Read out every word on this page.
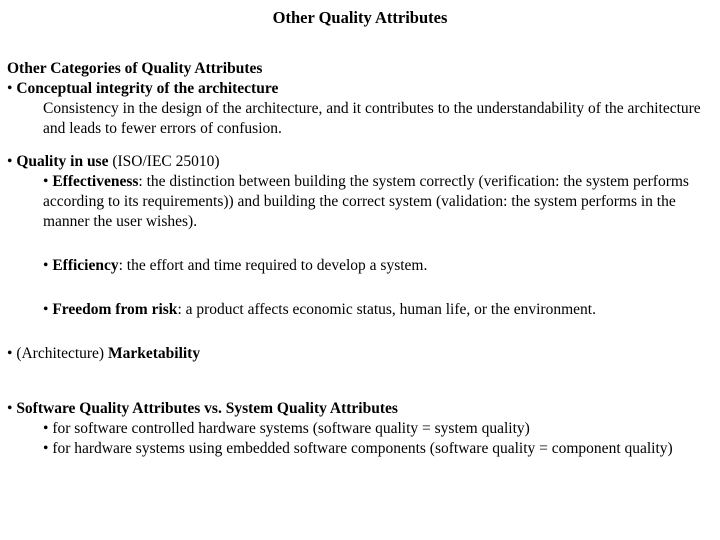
Other Quality Attributes

Other Categories of Quality Attributes

• Conceptual integrity of the architecture

Consistency in the design of the architecture, and it contributes to the understandability of the architecture and leads to fewer errors of confusion.

• Quality in use (ISO/IEC 25010)

• Effectiveness: the distinction between building the system correctly (verification: the system performs according to its requirements)) and building the correct system (validation: the system performs in the manner the user wishes).

• Efficiency: the effort and time required to develop a system.

• Freedom from risk: a product affects economic status, human life, or the environment.

• (Architecture) Marketability

• Software Quality Attributes vs. System Quality Attributes

• for software controlled hardware systems (software quality = system quality)

• for hardware systems using embedded software components (software quality = component quality)
